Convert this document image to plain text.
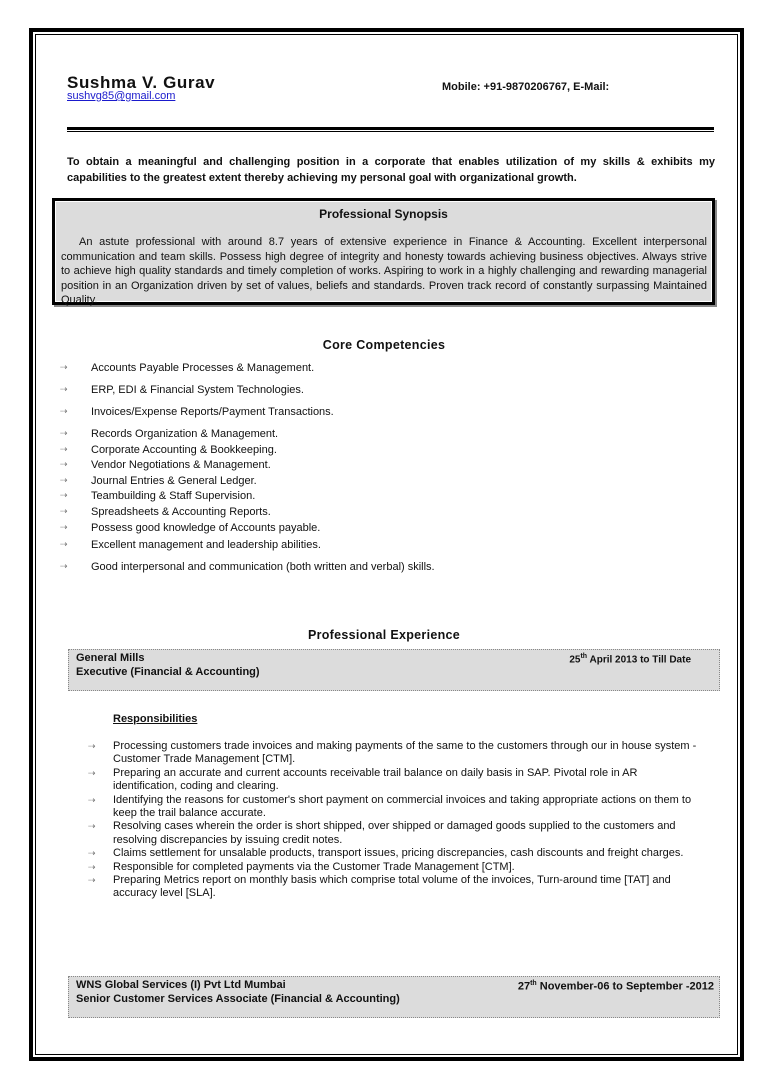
Sushma V. Gurav	Mobile: +91-9870206767, E-Mail:
sushvg85@gmail.com
To obtain a meaningful and challenging position in a corporate that enables utilization of my skills & exhibits my capabilities to the greatest extent thereby achieving my personal goal with organizational growth.
Professional Synopsis
An astute professional with around 8.7 years of extensive experience in Finance & Accounting. Excellent interpersonal communication and team skills. Possess high degree of integrity and honesty towards achieving business objectives. Always strive to achieve high quality standards and timely completion of works. Aspiring to work in a highly challenging and rewarding managerial position in an Organization driven by set of values, beliefs and standards. Proven track record of constantly surpassing Maintained Quality.
Core Competencies
⇢ Accounts Payable Processes & Management.
⇢ ERP, EDI & Financial System Technologies.
⇢ Invoices/Expense Reports/Payment Transactions.
⇢ Records Organization & Management.
⇢ Corporate Accounting & Bookkeeping.
⇢ Vendor Negotiations & Management.
⇢ Journal Entries & General Ledger.
⇢ Teambuilding & Staff Supervision.
⇢ Spreadsheets & Accounting Reports.
⇢ Possess good knowledge of Accounts payable.
⇢ Excellent management and leadership abilities.
⇢ Good interpersonal and communication (both written and verbal) skills.
Professional Experience
General Mills
Executive (Financial & Accounting)
25th April 2013 to Till Date
Responsibilities
⇢ Processing customers trade invoices and making payments of the same to the customers through our in house system - Customer Trade Management [CTM].
⇢ Preparing an accurate and current accounts receivable trail balance on daily basis in SAP. Pivotal role in AR identification, coding and clearing.
⇢ Identifying the reasons for customer's short payment on commercial invoices and taking appropriate actions on them to keep the trail balance accurate.
⇢ Resolving cases wherein the order is short shipped, over shipped or damaged goods supplied to the customers and resolving discrepancies by issuing credit notes.
⇢ Claims settlement for unsalable products, transport issues, pricing discrepancies, cash discounts and freight charges.
⇢ Responsible for completed payments via the Customer Trade Management [CTM].
⇢ Preparing Metrics report on monthly basis which comprise total volume of the invoices, Turn-around time [TAT] and accuracy level [SLA].
WNS Global Services (I) Pvt Ltd Mumbai
Senior Customer Services Associate (Financial & Accounting)
27th November-06 to September -2012
